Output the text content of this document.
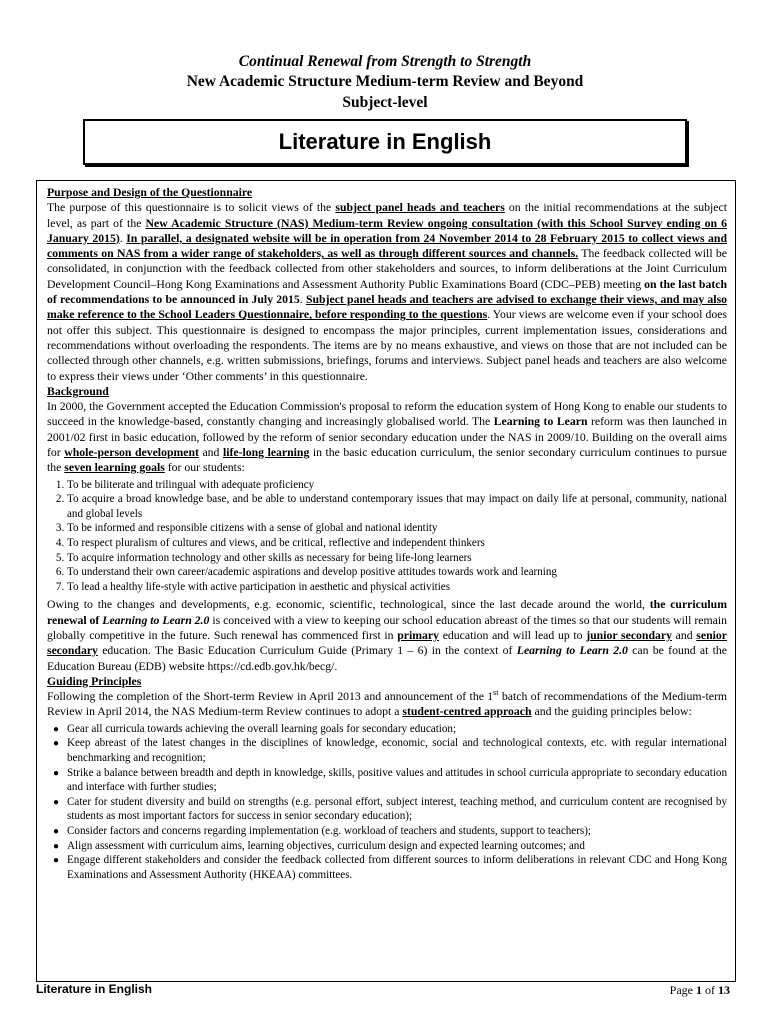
Continual Renewal from Strength to Strength
New Academic Structure Medium-term Review and Beyond
Subject-level
Literature in English

Purpose and Design of the Questionnaire

The purpose of this questionnaire is to solicit views of the subject panel heads and teachers on the initial recommendations at the subject level, as part of the New Academic Structure (NAS) Medium-term Review ongoing consultation (with this School Survey ending on 6 January 2015). In parallel, a designated website will be in operation from 24 November 2014 to 28 February 2015 to collect views and comments on NAS from a wider range of stakeholders, as well as through different sources and channels. The feedback collected will be consolidated, in conjunction with the feedback collected from other stakeholders and sources, to inform deliberations at the Joint Curriculum Development Council–Hong Kong Examinations and Assessment Authority Public Examinations Board (CDC–PEB) meeting on the last batch of recommendations to be announced in July 2015. Subject panel heads and teachers are advised to exchange their views, and may also make reference to the School Leaders Questionnaire, before responding to the questions. Your views are welcome even if your school does not offer this subject. This questionnaire is designed to encompass the major principles, current implementation issues, considerations and recommendations without overloading the respondents. The items are by no means exhaustive, and views on those that are not included can be collected through other channels, e.g. written submissions, briefings, forums and interviews. Subject panel heads and teachers are also welcome to express their views under ‘Other comments’ in this questionnaire.

Background

In 2000, the Government accepted the Education Commission's proposal to reform the education system of Hong Kong to enable our students to succeed in the knowledge-based, constantly changing and increasingly globalised world. The Learning to Learn reform was then launched in 2001/02 first in basic education, followed by the reform of senior secondary education under the NAS in 2009/10. Building on the overall aims for whole-person development and life-long learning in the basic education curriculum, the senior secondary curriculum continues to pursue the seven learning goals for our students:

1. To be biliterate and trilingual with adequate proficiency
2. To acquire a broad knowledge base, and be able to understand contemporary issues that may impact on daily life at personal, community, national and global levels
3. To be informed and responsible citizens with a sense of global and national identity
4. To respect pluralism of cultures and views, and be critical, reflective and independent thinkers
5. To acquire information technology and other skills as necessary for being life-long learners
6. To understand their own career/academic aspirations and develop positive attitudes towards work and learning
7. To lead a healthy life-style with active participation in aesthetic and physical activities

Owing to the changes and developments, e.g. economic, scientific, technological, since the last decade around the world, the curriculum renewal of Learning to Learn 2.0 is conceived with a view to keeping our school education abreast of the times so that our students will remain globally competitive in the future. Such renewal has commenced first in primary education and will lead up to junior secondary and senior secondary education. The Basic Education Curriculum Guide (Primary 1 – 6) in the context of Learning to Learn 2.0 can be found at the Education Bureau (EDB) website https://cd.edb.gov.hk/becg/.

Guiding Principles

Following the completion of the Short-term Review in April 2013 and announcement of the 1st batch of recommendations of the Medium-term Review in April 2014, the NAS Medium-term Review continues to adopt a student-centred approach and the guiding principles below:

● Gear all curricula towards achieving the overall learning goals for secondary education;
● Keep abreast of the latest changes in the disciplines of knowledge, economic, social and technological contexts, etc. with regular international benchmarking and recognition;
● Strike a balance between breadth and depth in knowledge, skills, positive values and attitudes in school curricula appropriate to secondary education and interface with further studies;
● Cater for student diversity and build on strengths (e.g. personal effort, subject interest, teaching method, and curriculum content are recognised by students as most important factors for success in senior secondary education);
● Consider factors and concerns regarding implementation (e.g. workload of teachers and students, support to teachers);
● Align assessment with curriculum aims, learning objectives, curriculum design and expected learning outcomes; and
● Engage different stakeholders and consider the feedback collected from different sources to inform deliberations in relevant CDC and Hong Kong Examinations and Assessment Authority (HKEAA) committees.
Literature in English	Page 1 of 13
